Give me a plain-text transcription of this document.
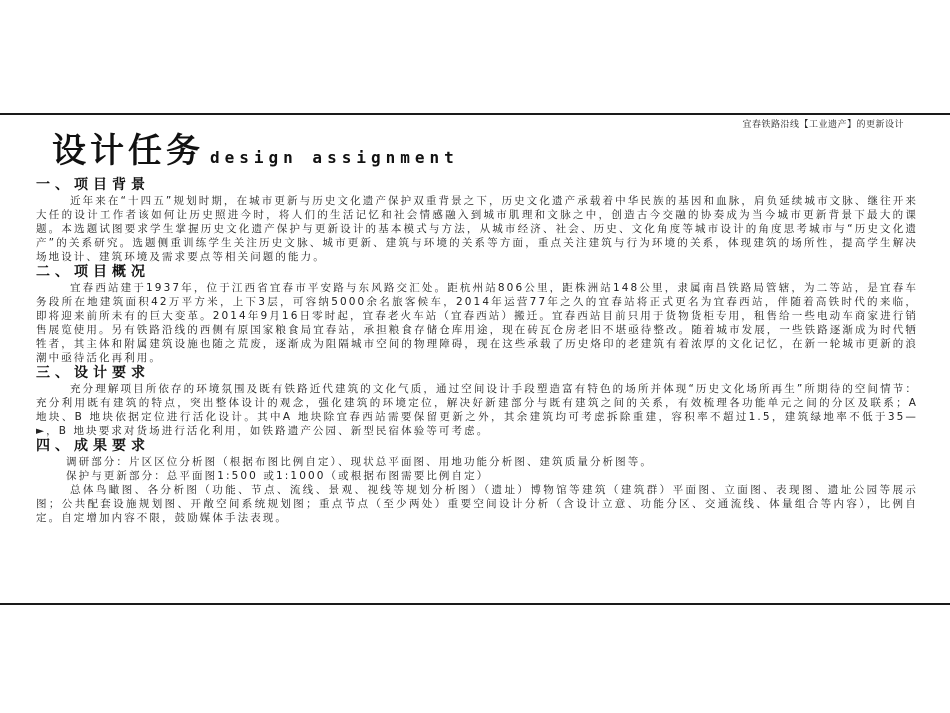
宜春铁路沿线【工业遗产】的更新设计
设计任务 design assignment
一、项目背景

近年来在“十四五”规划时期，在城市更新与历史文化遗产保护双重背景之下，历史文化遗产承载着中华民族的基因和血脉，肩负延续城市文脉、继往开来大任的设计工作者该如何让历史照进今时，将人们的生活记忆和社会情感融入到城市肌理和文脉之中，创造古今交融的协奏成为当今城市更新背景下最大的课题。本选题试图要求学生掌握历史文化遗产保护与更新设计的基本模式与方法，从城市经济、社会、历史、文化角度等城市设计的角度思考城市与“历史文化遗产”的关系研究。选题侧重训练学生关注历史文脉、城市更新、建筑与环境的关系等方面，重点关注建筑与行为环境的关系，体现建筑的场所性，提高学生解决场地设计、建筑环境及需求要点等相关问题的能力。

二、项目概况

宜春西站建于1937年，位于江西省宜春市平安路与东风路交汇处。距杭州站806公里，距株洲站148公里，隶属南昌铁路局管辖，为二等站，是宜春车务段所在地建筑面积42万平方米，上下3层，可容纳5000余名旅客候车，2014年运营77年之久的宜春站将正式更名为宜春西站，伴随着高铁时代的来临，即将迎来前所未有的巨大变革。2014年9月16日零时起，宜春老火车站（宜春西站）搬迁。宜春西站目前只用于货物货柜专用，租售给一些电动车商家进行销售展览使用。另有铁路沿线的西侧有原国家粮食局宜春站，承担粮食存储仓库用途，现在砖瓦仓房老旧不堪亟待整改。随着城市发展，一些铁路逐渐成为时代牺牲者，其主体和附属建筑设施也随之荒废，逐渐成为阻隔城市空间的物理障碍，现在这些承载了历史烙印的老建筑有着浓厚的文化记忆，在新一轮城市更新的浪潮中亟待活化再利用。

三、设计要求

充分理解项目所依存的环境氛围及既有铁路近代建筑的文化气质，通过空间设计手段塑造富有特色的场所并体现“历史文化场所再生”所期待的空间情节：充分利用既有建筑的特点，突出整体设计的观念，强化建筑的环境定位，解决好新建部分与既有建筑之间的关系，有效梳理各功能单元之间的分区及联系；A 地块、B 地块依据定位进行活化设计。其中A 地块除宜春西站需要保留更新之外，其余建筑均可考虑拆除重建，容积率不超过1.5，建筑绿地率不低于35—►，B 地块要求对货场进行活化利用，如铁路遗产公园、新型民宿体验等可考虑。

四、成果要求

调研部分：片区区位分析图（根据布图比例自定）、现状总平面图、用地功能分析图、建筑质量分析图等。

保护与更新部分：总平面图1:500 或1:1000（或根据布图需要比例自定）

总体鸟瞰图、各分析图（功能、节点、流线、景观、视线等规划分析图）（遗址）博物馆等建筑（建筑群）平面图、立面图、表现图、遗址公园等展示图；公共配套设施规划图、开敞空间系统规划图；重点节点（至少两处）重要空间设计分析（含设计立意、功能分区、交通流线、体量组合等内容），比例自定。自定增加内容不限，鼓励媒体手法表现。
